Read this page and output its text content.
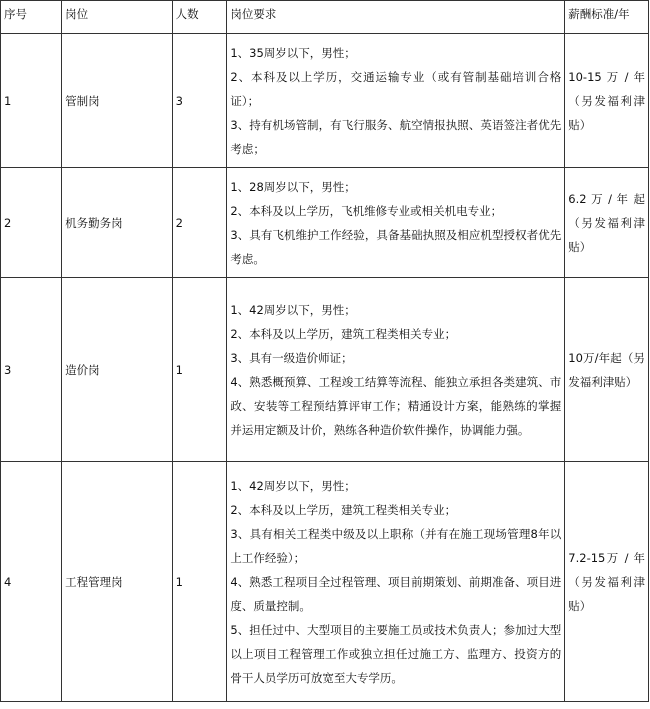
序号	岗位	人数	岗位要求	薪酬标准/年
1	管制岗	3	1、35周岁以下，男性；
2、本科及以上学历，交通运输专业（或有管制基础培训合格证）；
3、持有机场管制，有飞行服务、航空情报执照、英语签注者优先考虑；	10-15 万 / 年（另发福利津贴）
2	机务勤务岗	2	1、28周岁以下，男性；
2、本科及以上学历，飞机维修专业或相关机电专业；
3、具有飞机维护工作经验，具备基础执照及相应机型授权者优先考虑。	6.2 万 / 年 起（另发福利津贴）
3	造价岗	1	1、42周岁以下，男性；
2、本科及以上学历，建筑工程类相关专业；
3、具有一级造价师证；
4、熟悉概预算、工程竣工结算等流程、能独立承担各类建筑、市政、安装等工程预结算评审工作；精通设计方案，能熟练的掌握并运用定额及计价，熟练各种造价软件操作，协调能力强。	10万/年起（另发福利津贴）
4	工程管理岗	1	1、42周岁以下，男性；
2、本科及以上学历，建筑工程类相关专业；
3、具有相关工程类中级及以上职称（并有在施工现场管理8年以上工作经验）；
4、熟悉工程项目全过程管理、项目前期策划、前期准备、项目进度、质量控制。
5、担任过中、大型项目的主要施工员或技术负责人；参加过大型以上项目工程管理工作或独立担任过施工方、监理方、投资方的骨干人员学历可放宽至大专学历。	7.2-15万 / 年（另发福利津贴）
